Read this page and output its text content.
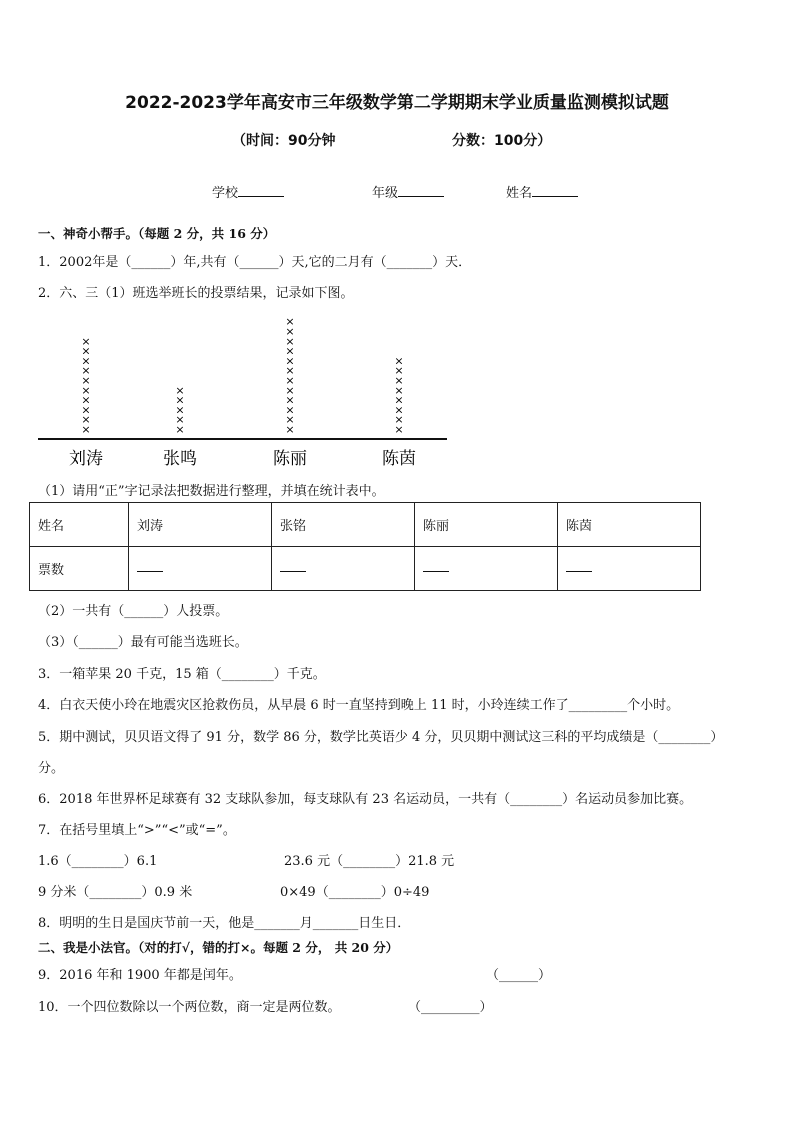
2022-2023学年高安市三年级数学第二学期期末学业质量监测模拟试题
（时间：90分钟	分数：100分）
学校	年级	姓名
一、神奇小帮手。（每题 2 分，共 16 分）
1．2002年是（______）年,共有（______）天,它的二月有（_______）天．
2．六、三（1）班选举班长的投票结果，记录如下图。
×
×
×
×
×
×
×
×
×
×
×
×
×
×
×
×
×
×
×
×
×
×
×
×
×
×
×
×
×
×
×
×
×
×
×
刘涛	张鸣	陈丽	陈茵
（1）请用“正”字记录法把数据进行整理，并填在统计表中。
姓名	刘涛	张铭	陈丽	陈茵
票数				
（2）一共有（______）人投票。
（3）（______）最有可能当选班长。
3．一箱苹果 20 千克，15 箱（________）千克。
4．白衣天使小玲在地震灾区抢救伤员，从早晨 6 时一直坚持到晚上 11 时，小玲连续工作了_________个小时。
5．期中测试，贝贝语文得了 91 分，数学 86 分，数学比英语少 4 分，贝贝期中测试这三科的平均成绩是（________）
分。
6．2018 年世界杯足球赛有 32 支球队参加，每支球队有 23 名运动员，一共有（________）名运动员参加比赛。
7．在括号里填上“>”“<”或“=”。
1.6（________）6.1	23.6 元（________）21.8 元
9 分米（________）0.9 米	0×49（________）0÷49
8．明明的生日是国庆节前一天，他是_______月_______日生日．
二、我是小法官。（对的打√，错的打×。每题 2 分， 共 20 分）
9．2016 年和 1900 年都是闰年。	（______）
10．一个四位数除以一个两位数，商一定是两位数。	（_________）
